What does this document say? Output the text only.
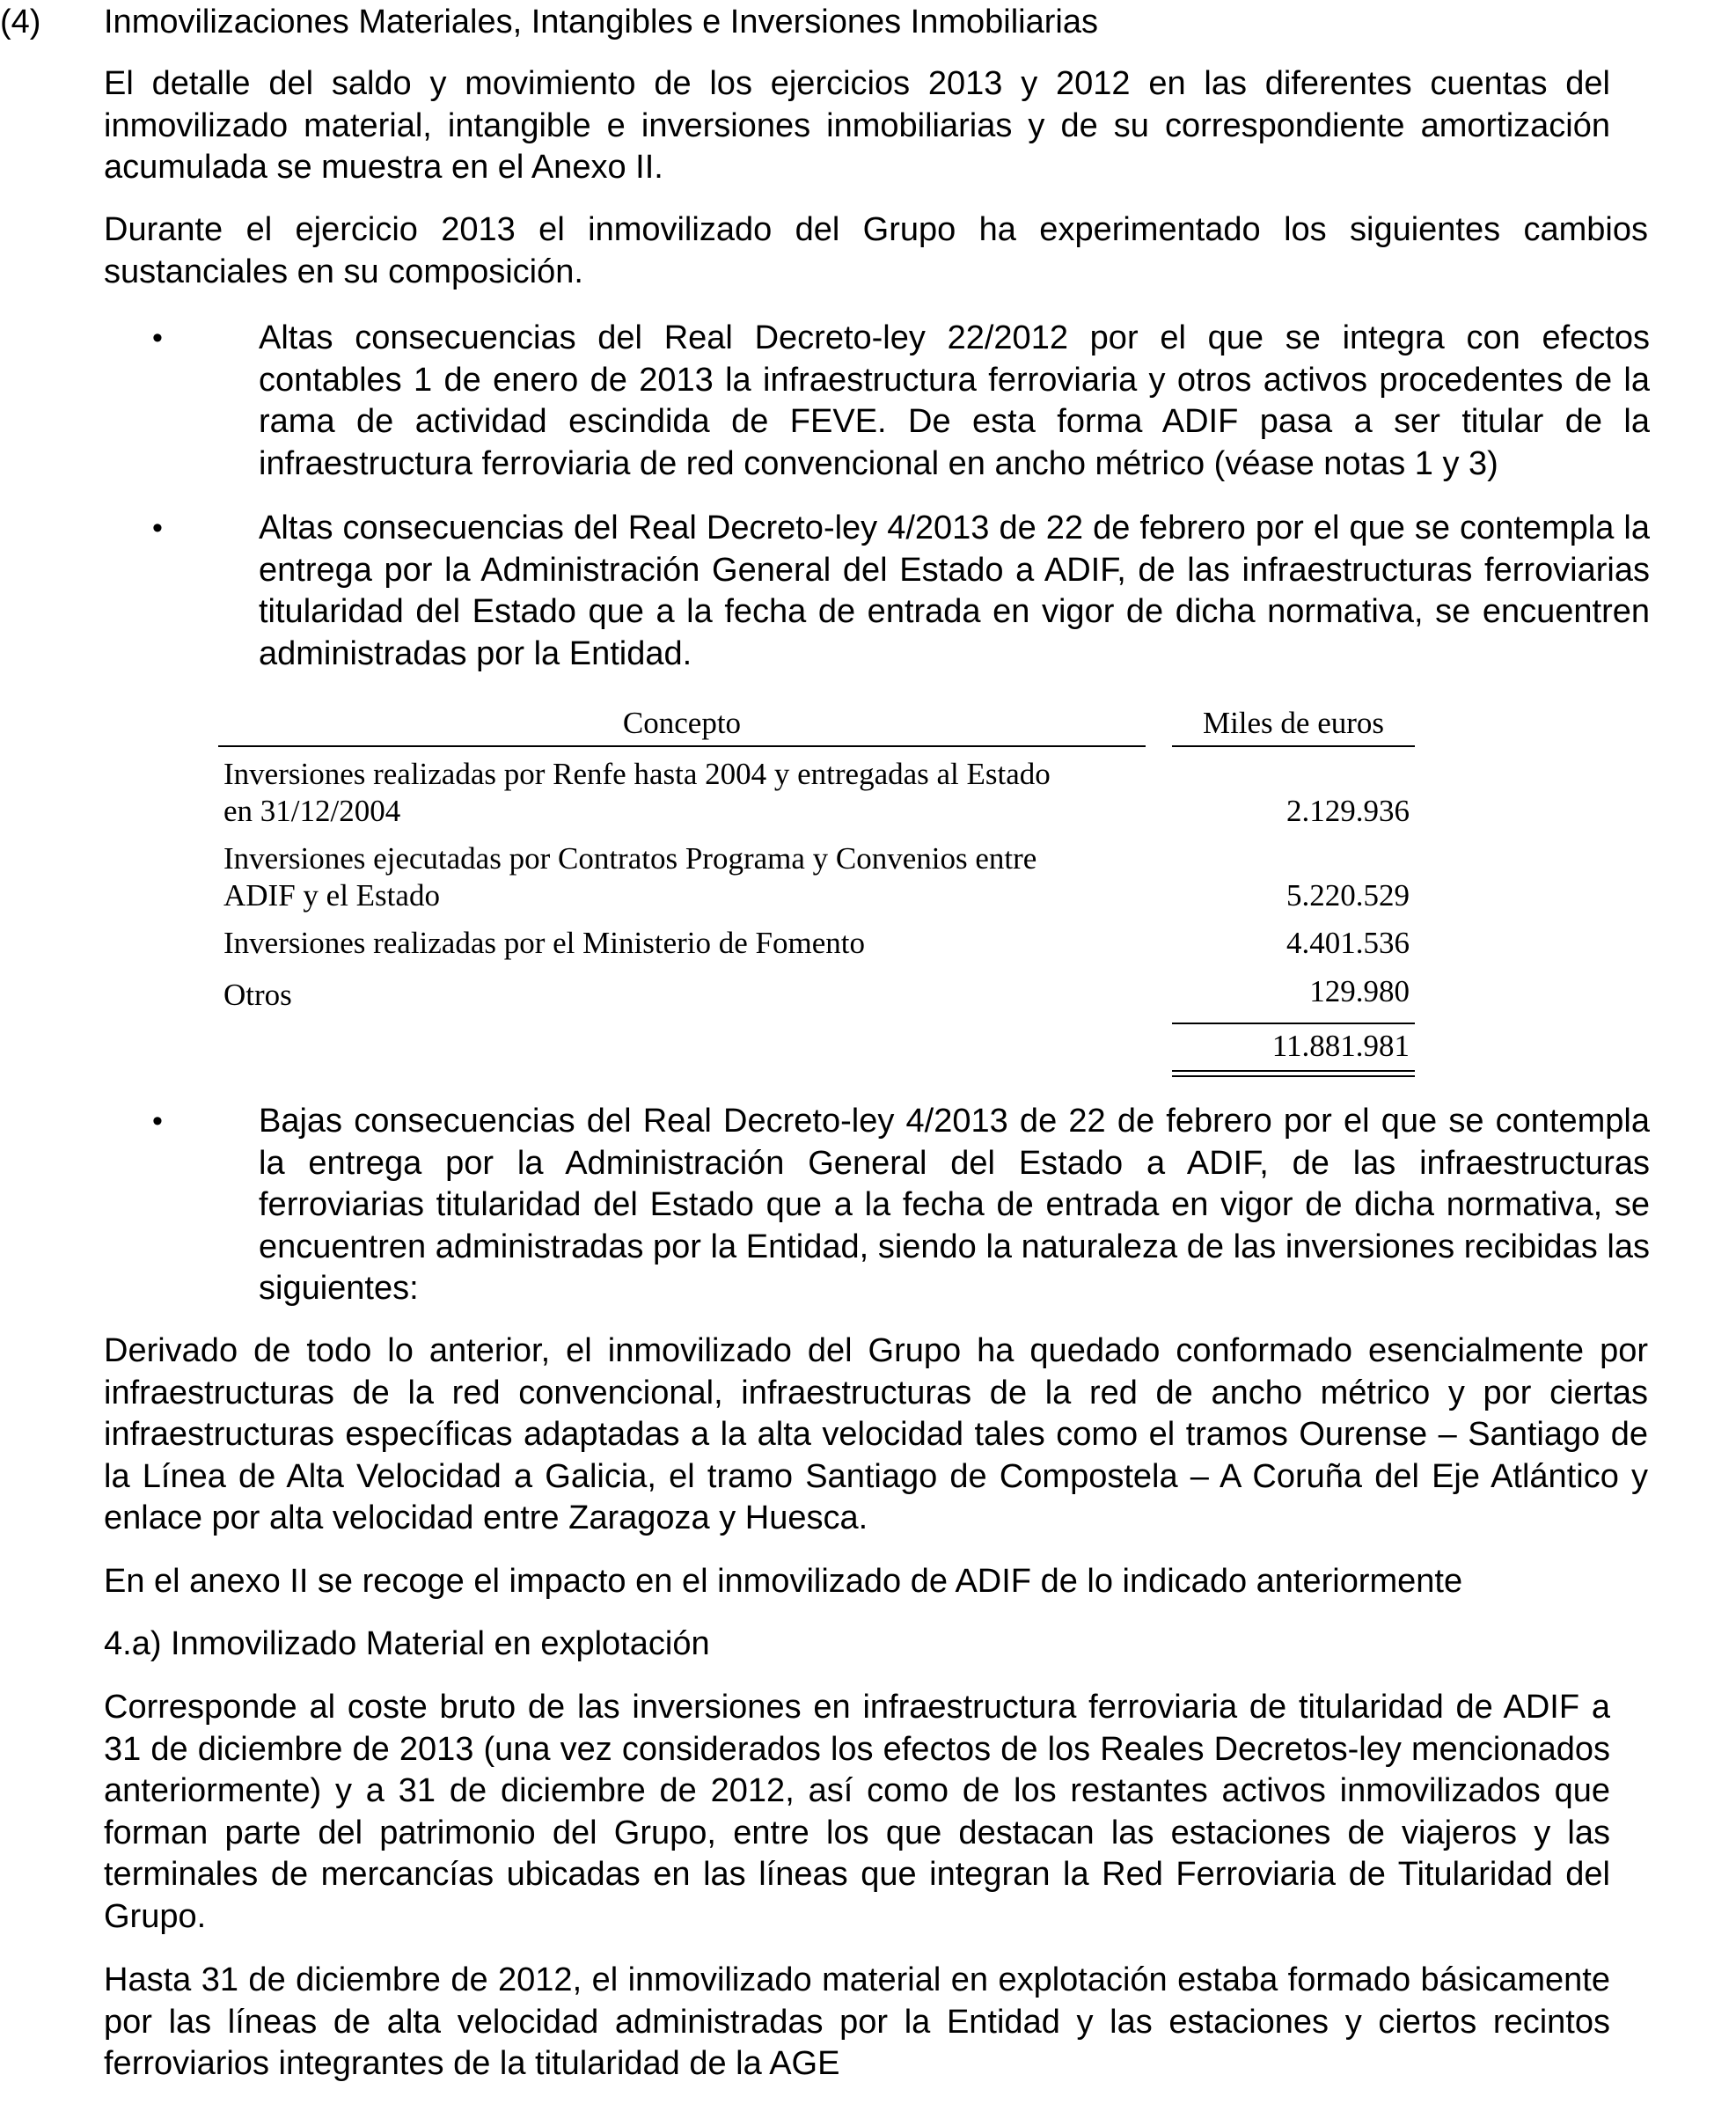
(4)	Inmovilizaciones Materiales, Intangibles e Inversiones Inmobiliarias

El detalle del saldo y movimiento de los ejercicios 2013 y 2012 en las diferentes cuentas del inmovilizado material, intangible e inversiones inmobiliarias y de su correspondiente amortización acumulada se muestra en el Anexo II.

Durante el ejercicio 2013 el inmovilizado del Grupo ha experimentado los siguientes cambios sustanciales en su composición.

•	Altas consecuencias del Real Decreto-ley 22/2012 por el que se integra con efectos contables 1 de enero de 2013 la infraestructura ferroviaria y otros activos procedentes de la rama de actividad escindida de FEVE. De esta forma ADIF pasa a ser titular de la infraestructura ferroviaria de red convencional en ancho métrico (véase notas 1 y 3)

•	Altas consecuencias del Real Decreto-ley 4/2013 de 22 de febrero por el que se contempla la entrega por la Administración General del Estado a ADIF, de las infraestructuras ferroviarias titularidad del Estado que a la fecha de entrada en vigor de dicha normativa, se encuentren administradas por la Entidad.

Concepto	Miles de euros

Inversiones realizadas por Renfe hasta 2004 y entregadas al Estado

en 31/12/2004	2.129.936

Inversiones ejecutadas por Contratos Programa y Convenios entre

ADIF y el Estado	5.220.529

Inversiones realizadas por el Ministerio de Fomento	4.401.536

Otros	129.980

11.881.981

•	Bajas consecuencias del Real Decreto-ley 4/2013 de 22 de febrero por el que se contempla la entrega por la Administración General del Estado a ADIF, de las infraestructuras ferroviarias titularidad del Estado que a la fecha de entrada en vigor de dicha normativa, se encuentren administradas por la Entidad, siendo la naturaleza de las inversiones recibidas las siguientes:

Derivado de todo lo anterior, el inmovilizado del Grupo ha quedado conformado esencialmente por infraestructuras de la red convencional, infraestructuras de la red de ancho métrico y por ciertas infraestructuras específicas adaptadas a la alta velocidad tales como el tramos Ourense – Santiago de la Línea de Alta Velocidad a Galicia, el tramo Santiago de Compostela – A Coruña del Eje Atlántico y enlace por alta velocidad entre Zaragoza y Huesca.

En el anexo II se recoge el impacto en el inmovilizado de ADIF de lo indicado anteriormente

4.a) Inmovilizado Material en explotación

Corresponde al coste bruto de las inversiones en infraestructura ferroviaria de titularidad de ADIF a 31 de diciembre de 2013 (una vez considerados los efectos de los Reales Decretos-ley mencionados anteriormente) y a 31 de diciembre de 2012, así como de los restantes activos inmovilizados que forman parte del patrimonio del Grupo, entre los que destacan las estaciones de viajeros y las terminales de mercancías ubicadas en las líneas que integran la Red Ferroviaria de Titularidad del Grupo.

Hasta 31 de diciembre de 2012, el inmovilizado material en explotación estaba formado básicamente por las líneas de alta velocidad administradas por la Entidad y las estaciones y ciertos recintos ferroviarios integrantes de la titularidad de la AGE
